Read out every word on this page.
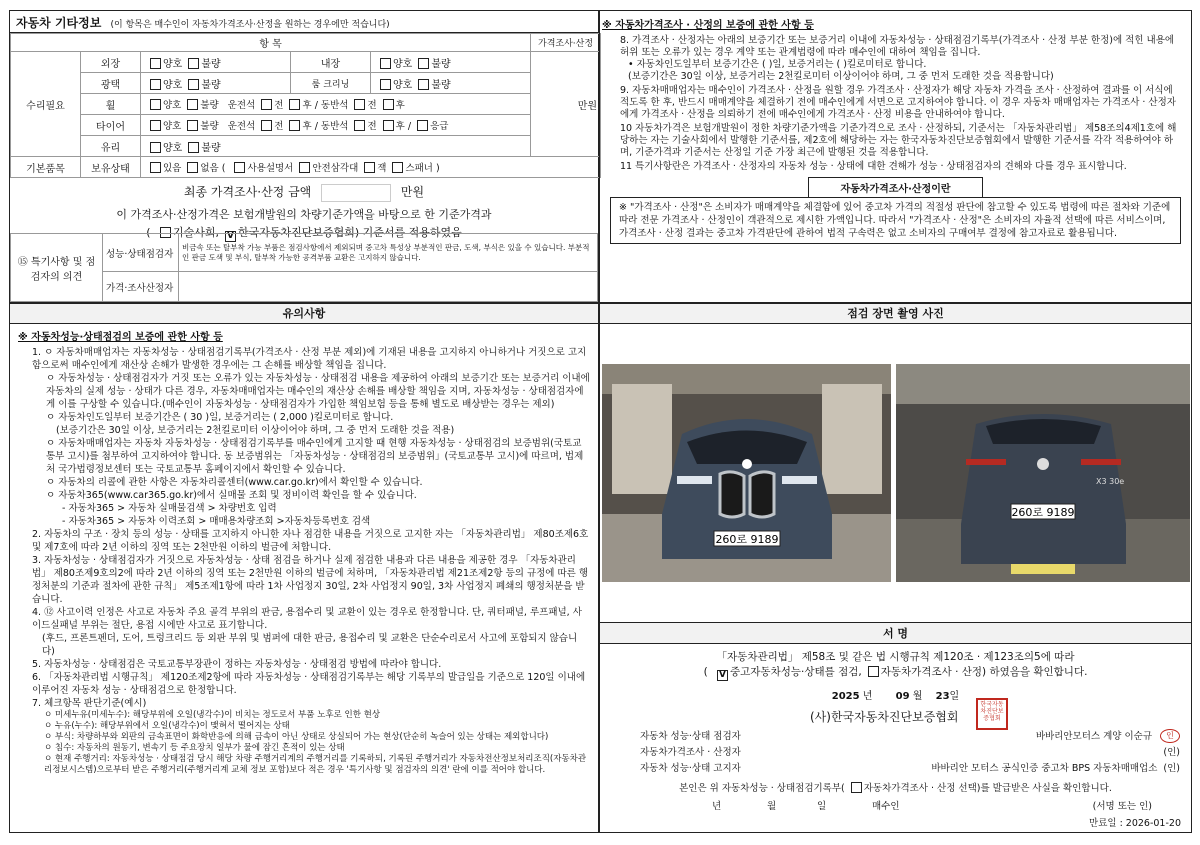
자동차 기타정보 (이 항목은 매수인이 자동차가격조사·산정을 원하는 경우에만 적습니다)
항 목					가격조사·산정	
수리필요	외장	양호 불량	내장	양호 불량	만원	
	광택	양호 불량	룸 크리닝	양호 불량		
	휠	양호 불량 운전석 전 후 / 동반석 전 후				
	타이어	양호 불량 운전석 전 후 / 동반석 전 후 / 응급				
	유리	양호 불량				
기본품목	보유상태	있음 없음 ( 사용설명서 안전삼각대 잭 스패너 )				
최종 가격조사·산정 금액	만원
이 가격조사·산정가격은 보험개발원의 차량기준가액을 바탕으로 한 기준가격과
( 기술사회, V 한국자동차진단보증협회) 기준서를 적용하였음
⑮ 특기사항 및 점검자의 의견	성능·상태점검자	비금속 또는 탈부착 가능 부품은 점검사항에서 제외되며 중고차 특성상 부분적인 판금, 도색, 부식은 있을 수 있습니다. 부분적인 판금 도색 및 부식, 탈부착 가능한 공격부품 교환은 고지하지 않습니다.
	가격·조사산정자	
※ 자동차가격조사 · 산정의 보증에 관한 사항 등

8. 가격조사 · 산정자는 아래의 보증기간 또는 보증거리 이내에 자동차성능 · 상태점검기록부(가격조사 · 산정 부분 한정)에 적힌 내용에 허위 또는 오류가 있는 경우 계약 또는 관계법령에 따라 매수인에 대하여 책임을 집니다.

• 자동차인도일부터 보증기간은 ( )일, 보증거리는 ( )킬로미터로 합니다.

(보증기간은 30일 이상, 보증거리는 2천킬로미터 이상이어야 하며, 그 중 먼저 도래한 것을 적용합니다)

9. 자동차매매업자는 매수인이 가격조사 · 산정을 원할 경우 가격조사 · 산정자가 해당 자동차 가격을 조사 · 산정하여 결과를 이 서식에 적도록 한 후, 반드시 매매계약을 체결하기 전에 매수인에게 서면으로 고지하여야 합니다. 이 경우 자동차 매매업자는 가격조사 · 산정자에게 가격조사 · 산정을 의뢰하기 전에 매수인에게 가격조사 · 산정 비용을 안내하여야 합니다.

10 자동차가격은 보험개발원이 정한 차량기준가액을 기준가격으로 조사 · 산정하되, 기준서는 「자동차관리법」 제58조의4제1호에 해당하는 자는 기술사회에서 발행한 기준서를, 제2호에 해당하는 자는 한국자동차진단보증협회에서 발행한 기준서를 각각 적용하여야 하며, 기준가격과 기준서는 산정일 기준 가장 최근에 발행된 것을 적용합니다.

11 특기사항란은 가격조사 · 산정자의 자동차 성능 · 상태에 대한 견해가 성능 · 상태점검자의 견해와 다를 경우 표시합니다.

자동차가격조사·산정이란
※ "가격조사 · 산정"은 소비자가 매매계약을 체결함에 있어 중고차 가격의 적절성 판단에 참고할 수 있도록 법령에 따른 절차와 기준에 따라 전문 가격조사 · 산정인이 객관적으로 제시한 가액입니다. 따라서 "가격조사 · 산정"은 소비자의 자율적 선택에 따른 서비스이며, 가격조사 · 산정 결과는 중고차 가격판단에 관하여 법적 구속력은 없고 소비자의 구매여부 결정에 참고자료로 활용됩니다.
유의사항
※ 자동차성능·상태점검의 보증에 관한 사항 등

1. ㅇ 자동차매매업자는 자동차성능 · 상태점검기록부(가격조사 · 산정 부분 제외)에 기재된 내용을 고지하지 아니하거나 거짓으로 고지함으로써 매수인에게 재산상 손해가 발생한 경우에는 그 손해를 배상할 책임을 집니다.

ㅇ 자동차성능 · 상태점검자가 거짓 또는 오류가 있는 자동차성능 · 상태점검 내용을 제공하여 아래의 보증기간 또는 보증거리 이내에 자동차의 실제 성능 · 상태가 다른 경우, 자동차매매업자는 매수인의 재산상 손해를 배상할 책임을 지며, 자동차성능 · 상태점검자에게 이를 구상할 수 있습니다.(매수인이 자동차성능 · 상태점검자가 가입한 책임보험 등을 통해 별도로 배상받는 경우는 제외)

ㅇ 자동차인도일부터 보증기간은 ( 30 )일, 보증거리는 ( 2,000 )킬로미터로 합니다.

(보증기간은 30일 이상, 보증거리는 2천킬로미터 이상이어야 하며, 그 중 먼저 도래한 것을 적용)

ㅇ 자동차매매업자는 자동차 자동차성능 · 상태점검기록부를 매수인에게 고지할 때 현행 자동차성능 · 상태점검의 보증범위(국토교통부 고시)를 첨부하여 고지하여야 합니다. 동 보증범위는 「자동차성능 · 상태점검의 보증범위」(국토교통부 고시)에 따르며, 법제처 국가법령정보센터 또는 국토교통부 홈페이지에서 확인할 수 있습니다.

ㅇ 자동차의 리콜에 관한 사항은 자동차리콜센터(www.car.go.kr)에서 확인할 수 있습니다.

ㅇ 자동차365(www.car365.go.kr)에서 실매물 조회 및 정비이력 확인을 할 수 있습니다.

- 자동차365 > 자동차 실매물검색 > 차량번호 입력

- 자동차365 > 자동차 이력조회 > 매매용차량조회 >자동차등록번호 검색

2. 자동차의 구조 · 장치 등의 성능 · 상태를 고지하지 아니한 자나 점검한 내용을 거짓으로 고지한 자는 「자동차관리법」 제80조제6호 및 제7호에 따라 2년 이하의 징역 또는 2천만원 이하의 벌금에 처합니다.

3. 자동차성능 · 상태점검자가 거짓으로 자동차성능 · 상태 점검을 하거나 실제 점검한 내용과 다른 내용을 제공한 경우 「자동차관리법」 제80조제9호의2에 따라 2년 이하의 징역 또는 2천만원 이하의 벌금에 처하며, 「자동차관리법 제21조제2항 등의 규정에 따른 행정처분의 기준과 절차에 관한 규칙」 제5조제1항에 따라 1차 사업정지 30일, 2차 사업정지 90일, 3차 사업정지 폐쇄의 행정처분을 받습니다.

4. ⑫ 사고이력 인정은 사고로 자동차 주요 골격 부위의 판금, 용접수리 및 교환이 있는 경우로 한정합니다. 단, 쿼터패널, 루프패널, 사이드실패널 부위는 절단, 용접 시에만 사고로 표기합니다.

(후드, 프론트펜더, 도어, 트렁크리드 등 외판 부위 및 범퍼에 대한 판금, 용접수리 및 교환은 단순수리로서 사고에 포함되지 않습니다)

5. 자동차성능 · 상태점검은 국토교통부장관이 정하는 자동차성능 · 상태점검 방법에 따라야 합니다.

6. 「자동차관리법 시행규칙」 제120조제2항에 따라 자동차성능 · 상태점검기록부는 해당 기록부의 발급일을 기준으로 120일 이내에 이루어진 자동차 성능 · 상태점검으로 한정합니다.

7. 체크항목 판단기준(예시)

ㅇ 미세누유(미세누수): 해당부위에 오일(냉각수)이 비치는 정도로서 부품 노후로 인한 현상

ㅇ 누유(누수): 해당부위에서 오일(냉각수)이 맺혀서 떨어지는 상태

ㅇ 부식: 차량하부와 외판의 금속표면이 화학반응에 의해 금속이 아닌 상태로 상실되어 가는 현상(단순히 녹슬어 있는 상태는 제외합니다)

ㅇ 침수: 자동차의 원동기, 변속기 등 주요장치 일부가 물에 잠긴 흔적이 있는 상태

ㅇ 현재 주행거리: 자동차성능 · 상태점검 당시 해당 차량 주행거리계의 주행거리를 기록하되, 기록된 주행거리가 자동차전산정보처리조직(자동차관리정보시스템)으로부터 받은 주행거리(주행거리계 교체 정보 포함)보다 적은 경우 '특기사항 및 점검자의 의견' 란에 이를 적어야 합니다.

점검 장면 촬영 사진
260로 9189
X3 30e
260로 9189
서 명
「자동차관리법」 제58조 및 같은 법 시행규칙 제120조 · 제123조의5에 따라
( V 중고자동차성능·상태를 점검, 자동차가격조사 · 산정) 하였음을 확인합니다.
2025 년 09 월 23일
(사)한국자동차진단보증협회
한국자동차진단보증협회
자동차 성능·상태 점검자	바바리안모터스 계양 이순규	인
자동차가격조사 · 산정자	(인)
자동차 성능·상태 고지자	바바리안 모터스 공식인증 중고차 BPS 자동차매매업소 (인)
본인은 위 자동차성능 · 상태점검기록부( 자동차가격조사 · 산정 선택)를 발급받은 사실을 확인합니다.
년	월	일	매수인	(서명 또는 인)
만료일 : 2026-01-20
